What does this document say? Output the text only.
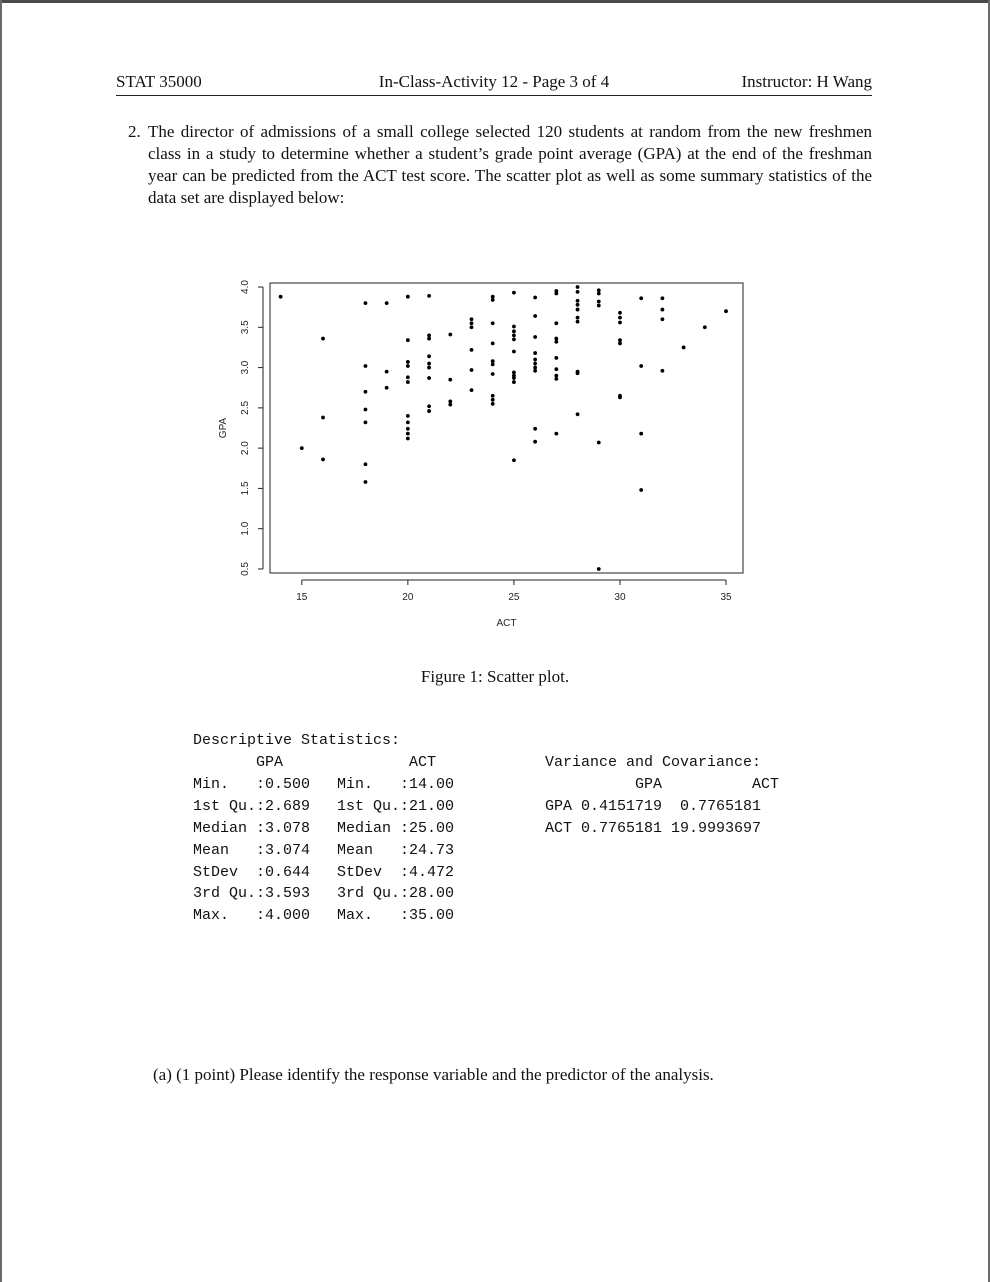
STAT 35000	In-Class-Activity 12 - Page 3 of 4	Instructor: H Wang
2. The director of admissions of a small college selected 120 students at random from the new freshmen class in a study to determine whether a student’s grade point average (GPA) at the end of the freshman year can be predicted from the ACT test score. The scatter plot as well as some summary statistics of the data set are displayed below:
15	20	25	30	35
0.5
1.0
1.5
2.0
2.5
3.0
3.5
4.0
ACT
GPA
Figure 1: Scatter plot.
Descriptive Statistics:
GPA              ACT
Min.   :0.500   Min.   :14.00
1st Qu.:2.689   1st Qu.:21.00
Median :3.078   Median :25.00
Mean   :3.074   Mean   :24.73
StDev  :0.644   StDev  :4.472
3rd Qu.:3.593   3rd Qu.:28.00
Max.   :4.000   Max.   :35.00
Variance and Covariance:
GPA          ACT
GPA 0.4151719  0.7765181
ACT 0.7765181 19.9993697
(a) (1 point) Please identify the response variable and the predictor of the analysis.
